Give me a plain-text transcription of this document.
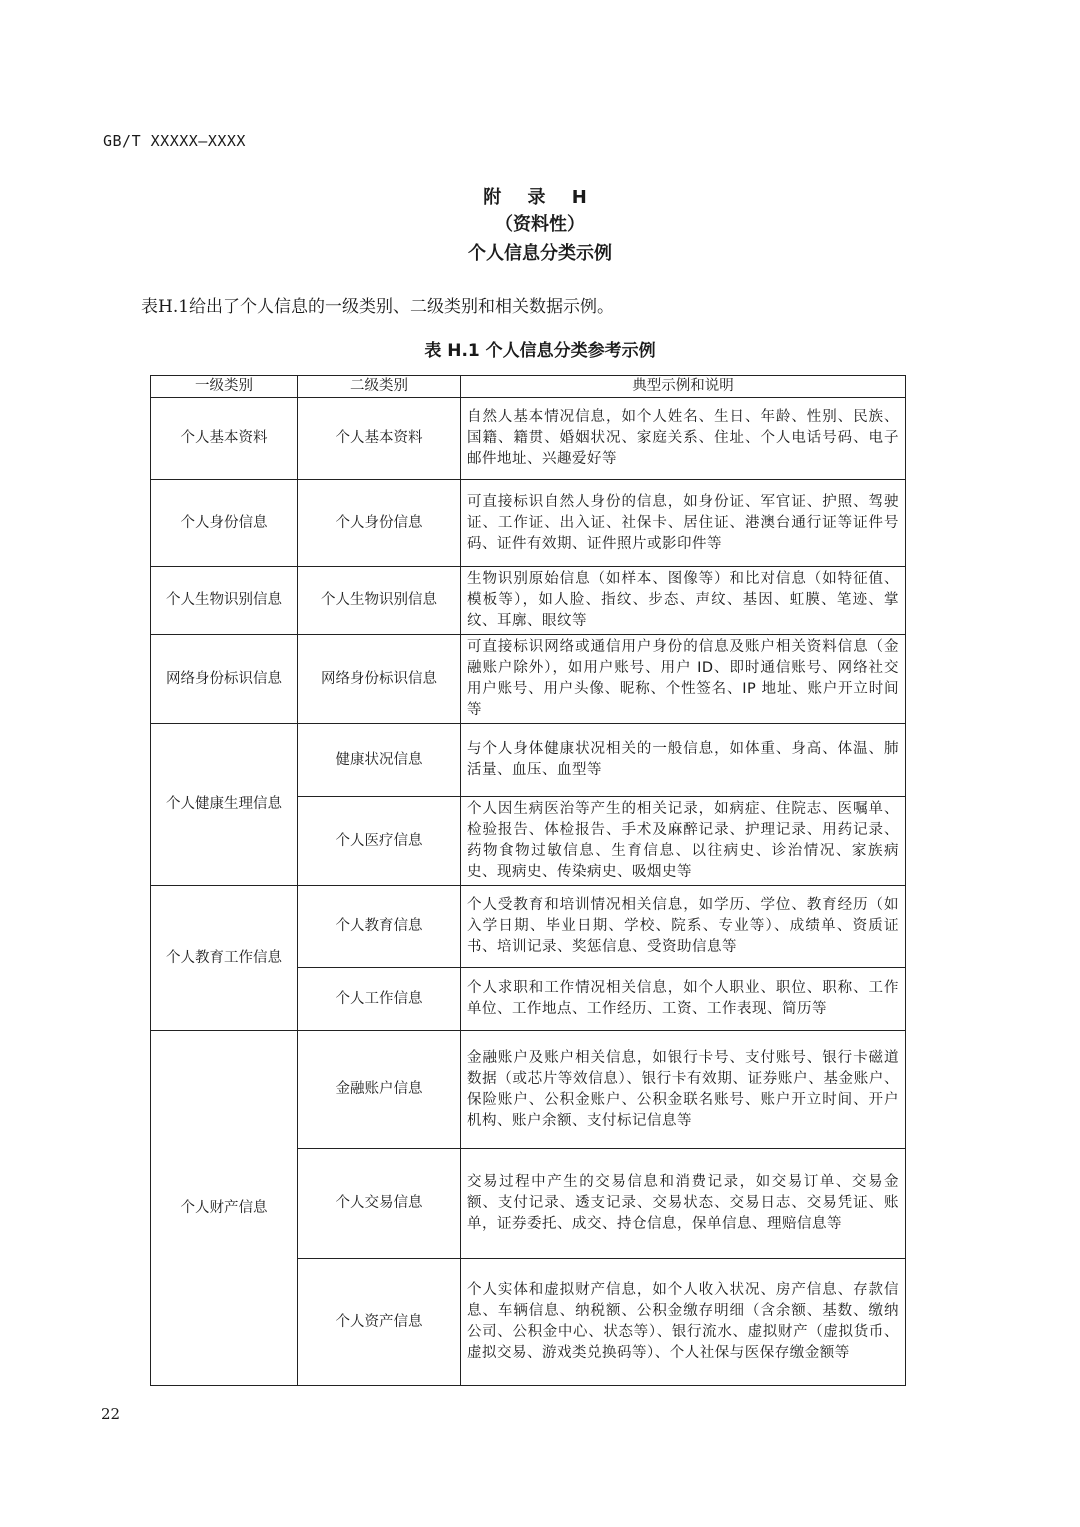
GB/T XXXXX—XXXX
附 录 H
（资料性）
个人信息分类示例
表H.1给出了个人信息的一级类别、二级类别和相关数据示例。
表 H.1 个人信息分类参考示例
一级类别	二级类别	典型示例和说明
个人基本资料	个人基本资料	自然人基本情况信息，如个人姓名、生日、年龄、性别、民族、国籍、籍贯、婚姻状况、家庭关系、住址、个人电话号码、电子邮件地址、兴趣爱好等
个人身份信息	个人身份信息	可直接标识自然人身份的信息，如身份证、军官证、护照、驾驶证、工作证、出入证、社保卡、居住证、港澳台通行证等证件号码、证件有效期、证件照片或影印件等
个人生物识别信息	个人生物识别信息	生物识别原始信息（如样本、图像等）和比对信息（如特征值、模板等），如人脸、指纹、步态、声纹、基因、虹膜、笔迹、掌纹、耳廓、眼纹等
网络身份标识信息	网络身份标识信息	可直接标识网络或通信用户身份的信息及账户相关资料信息（金融账户除外），如用户账号、用户 ID、即时通信账号、网络社交用户账号、用户头像、昵称、个性签名、IP 地址、账户开立时间等
个人健康生理信息	健康状况信息	与个人身体健康状况相关的一般信息，如体重、身高、体温、肺活量、血压、血型等
	个人医疗信息	个人因生病医治等产生的相关记录，如病症、住院志、医嘱单、检验报告、体检报告、手术及麻醉记录、护理记录、用药记录、药物食物过敏信息、生育信息、以往病史、诊治情况、家族病史、现病史、传染病史、吸烟史等
个人教育工作信息	个人教育信息	个人受教育和培训情况相关信息，如学历、学位、教育经历（如入学日期、毕业日期、学校、院系、专业等）、成绩单、资质证书、培训记录、奖惩信息、受资助信息等
	个人工作信息	个人求职和工作情况相关信息，如个人职业、职位、职称、工作单位、工作地点、工作经历、工资、工作表现、简历等
个人财产信息	金融账户信息	金融账户及账户相关信息，如银行卡号、支付账号、银行卡磁道数据（或芯片等效信息）、银行卡有效期、证券账户、基金账户、保险账户、公积金账户、公积金联名账号、账户开立时间、开户机构、账户余额、支付标记信息等
	个人交易信息	交易过程中产生的交易信息和消费记录，如交易订单、交易金额、支付记录、透支记录、交易状态、交易日志、交易凭证、账单，证券委托、成交、持仓信息，保单信息、理赔信息等
	个人资产信息	个人实体和虚拟财产信息，如个人收入状况、房产信息、存款信息、车辆信息、纳税额、公积金缴存明细（含余额、基数、缴纳公司、公积金中心、状态等）、银行流水、虚拟财产（虚拟货币、虚拟交易、游戏类兑换码等）、个人社保与医保存缴金额等
22
